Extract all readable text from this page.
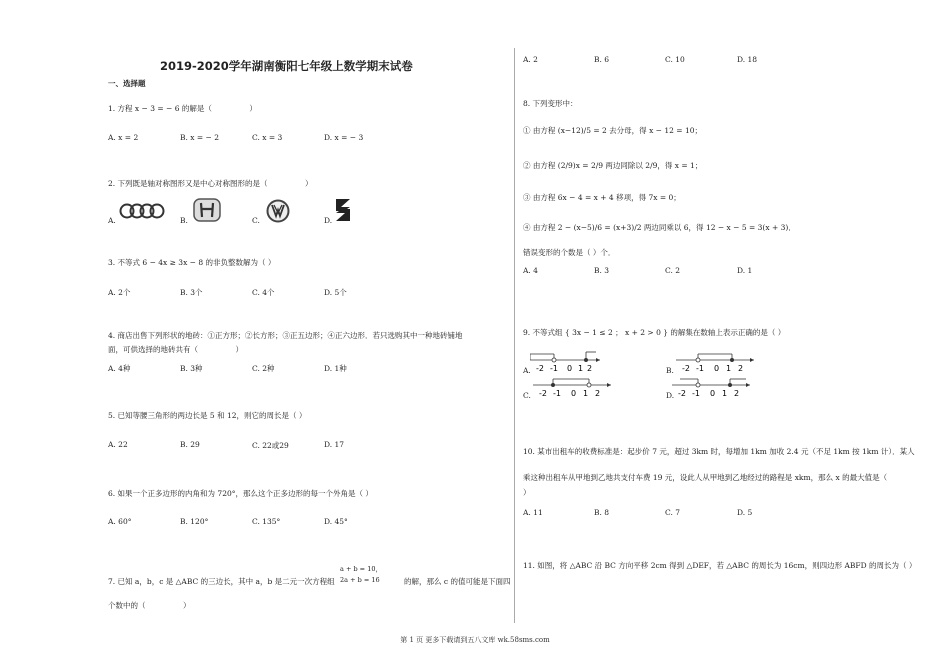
2019-2020学年湖南衡阳七年级上数学期末试卷
一、选择题
1. 方程 x − 3 = − 6 的解是（　　　　　）
A. x = 2	B. x = − 2	C. x = 3	D. x = − 3
2. 下列既是轴对称图形又是中心对称图形的是（　　　　　）
A.	B.	C.	D.
3. 不等式 6 − 4x ≥ 3x − 8 的非负整数解为（ ）
A. 2个	B. 3个	C. 4个	D. 5个
4. 商店出售下列形状的地砖：①正方形；②长方形；③正五边形；④正六边形．若只选购其中一种地砖铺地
面，可供选择的地砖共有（　　　　　）
A. 4种	B. 3种	C. 2种	D. 1种
5. 已知等腰三角形的两边长是 5 和 12，则它的周长是（ ）
A. 22	B. 29	C. 22或29	D. 17
6. 如果一个正多边形的内角和为 720°，那么这个正多边形的每一个外角是（ ）
A. 60°	B. 120°	C. 135°	D. 45°
7. 已知 a，b，c 是 △ABC 的三边长，其中 a，b 是二元一次方程组
a + b = 10，
2a + b = 16	的解，那么 c 的值可能是下面四
个数中的（　　　　　）
A. 2	B. 6	C. 10	D. 18
8. 下列变形中：
① 由方程 (x−12)/5 = 2 去分母，得 x − 12 = 10；
② 由方程 (2/9)x = 2/9 两边同除以 2/9，得 x = 1；
③ 由方程 6x − 4 = x + 4 移项，得 7x = 0；
④ 由方程 2 − (x−5)/6 = (x+3)/2 两边同乘以 6，得 12 − x − 5 = 3(x + 3)．
错误变形的个数是（ ）个．
A. 4	B. 3	C. 2	D. 1
9. 不等式组 { 3x − 1 ≤ 2 ； x + 2 > 0 } 的解集在数轴上表示正确的是（ ）
A. -2 -1 0 1 2	B. -2 -1 0 1 2
C. -2 -1 0 1 2	D. -2 -1 0 1 2
10. 某市出租车的收费标准是：起步价 7 元，超过 3km 时，每增加 1km 加收 2.4 元（不足 1km 按 1km 计）．某人
乘这种出租车从甲地到乙地共支付车费 19 元，设此人从甲地到乙地经过的路程是 xkm，那么 x 的最大值是（
）
A. 11	B. 8	C. 7	D. 5
11. 如图，将 △ABC 沿 BC 方向平移 2cm 得到 △DEF，若 △ABC 的周长为 16cm，则四边形 ABFD 的周长为（ ）
第 1 页 更多下载请到五八文库 wk.58sms.com
